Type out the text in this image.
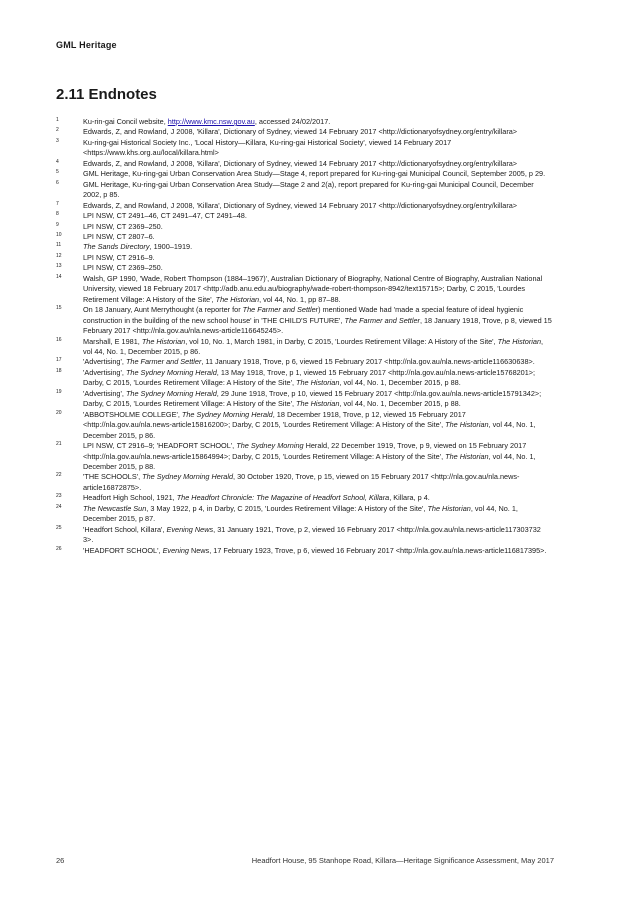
GML Heritage
2.11 Endnotes
1	Ku-rin-gai Concil website, http://www.kmc.nsw.gov.au, accessed 24/02/2017.
2	Edwards, Z, and Rowland, J 2008, 'Killara', Dictionary of Sydney, viewed 14 February 2017 <http://dictionaryofsydney.org/entry/killara>
3	Ku-ring-gai Historical Society Inc., 'Local History—Killara, Ku-ring-gai Historical Society', viewed 14 February 2017 <https://www.khs.org.au/local/killara.html>
4	Edwards, Z, and Rowland, J 2008, 'Killara', Dictionary of Sydney, viewed 14 February 2017 <http://dictionaryofsydney.org/entry/killara>
5	GML Heritage, Ku-ring-gai Urban Conservation Area Study—Stage 4, report prepared for Ku-ring-gai Municipal Council, September 2005, p 29.
6	GML Heritage, Ku-ring-gai Urban Conservation Area Study—Stage 2 and 2(a), report prepared for Ku-ring-gai Municipal Council, December 2002, p 85.
7	Edwards, Z, and Rowland, J 2008, 'Killara', Dictionary of Sydney, viewed 14 February 2017 <http://dictionaryofsydney.org/entry/killara>
8	LPI NSW, CT 2491–46, CT 2491–47, CT 2491–48.
9	LPI NSW, CT 2369–250.
10	LPI NSW, CT 2807–6.
11	The Sands Directory, 1900–1919.
12	LPI NSW, CT 2916–9.
13	LPI NSW, CT 2369–250.
14	Walsh, GP 1990, 'Wade, Robert Thompson (1884–1967)', Australian Dictionary of Biography, National Centre of Biography, Australian National University, viewed 18 February 2017 <http://adb.anu.edu.au/biography/wade-robert-thompson-8942/text15715>; Darby, C 2015, 'Lourdes Retirement Village: A History of the Site', The Historian, vol 44, No. 1, pp 87–88.
15	On 18 January, Aunt Merrythought (a reporter for The Farmer and Settler) mentioned Wade had 'made a special feature of ideal hygienic construction in the building of the new school house' in 'THE CHILD'S FUTURE', The Farmer and Settler, 18 January 1918, Trove, p 8, viewed 15 February 2017 <http://nla.gov.au/nla.news-article116645245>.
16	Marshall, E 1981, The Historian, vol 10, No. 1, March 1981, in Darby, C 2015, 'Lourdes Retirement Village: A History of the Site', The Historian, vol 44, No. 1, December 2015, p 86.
17	'Advertising', The Farmer and Settler, 11 January 1918, Trove, p 6, viewed 15 February 2017 <http://nla.gov.au/nla.news-article116630638>.
18	'Advertising', The Sydney Morning Herald, 13 May 1918, Trove, p 1, viewed 15 February 2017 <http://nla.gov.au/nla.news-article15768201>; Darby, C 2015, 'Lourdes Retirement Village: A History of the Site', The Historian, vol 44, No. 1, December 2015, p 88.
19	'Advertising', The Sydney Morning Herald, 29 June 1918, Trove, p 10, viewed 15 February 2017 <http://nla.gov.au/nla.news-article15791342>; Darby, C 2015, 'Lourdes Retirement Village: A History of the Site', The Historian, vol 44, No. 1, December 2015, p 88.
20	'ABBOTSHOLME COLLEGE', The Sydney Morning Herald, 18 December 1918, Trove, p 12, viewed 15 February 2017 <http://nla.gov.au/nla.news-article15816200>; Darby, C 2015, 'Lourdes Retirement Village: A History of the Site', The Historian, vol 44, No. 1, December 2015, p 86.
21	LPI NSW, CT 2916–9; 'HEADFORT SCHOOL', The Sydney Morning Herald, 22 December 1919, Trove, p 9, viewed on 15 February 2017 <http://nla.gov.au/nla.news-article15864994>; Darby, C 2015, 'Lourdes Retirement Village: A History of the Site', The Historian, vol 44, No. 1, December 2015, p 88.
22	'THE SCHOOLS', The Sydney Morning Herald, 30 October 1920, Trove, p 15, viewed on 15 February 2017 <http://nla.gov.au/nla.news-article16872875>.
23	Headfort High School, 1921, The Headfort Chronicle: The Magazine of Headfort School, Killara, Killara, p 4.
24	The Newcastle Sun, 3 May 1922, p 4, in Darby, C 2015, 'Lourdes Retirement Village: A History of the Site', The Historian, vol 44, No. 1, December 2015, p 87.
25	'Headfort School, Killara', Evening News, 31 January 1921, Trove, p 2, viewed 16 February 2017 <http://nla.gov.au/nla.news-article117303732 3>.
26	'HEADFORT SCHOOL', Evening News, 17 February 1923, Trove, p 6, viewed 16 February 2017 <http://nla.gov.au/nla.news-article116817395>.
26	Headfort House, 95 Stanhope Road, Killara—Heritage Significance Assessment, May 2017
